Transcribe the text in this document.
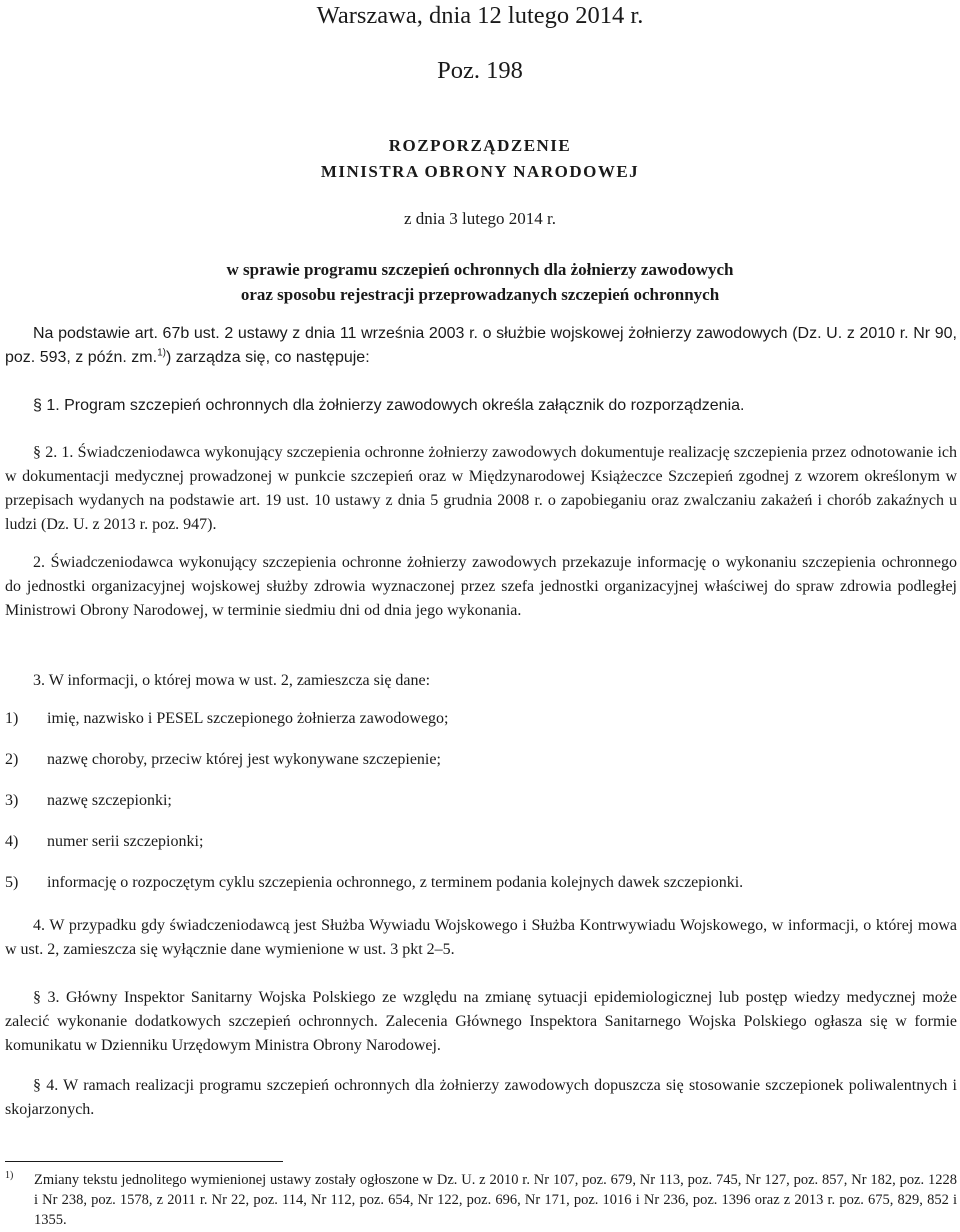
Warszawa, dnia 12 lutego 2014 r.
Poz. 198
ROZPORZĄDZENIE
MINISTRA OBRONY NARODOWEJ
z dnia 3 lutego 2014 r.
w sprawie programu szczepień ochronnych dla żołnierzy zawodowych
oraz sposobu rejestracji przeprowadzanych szczepień ochronnych
Na podstawie art. 67b ust. 2 ustawy z dnia 11 września 2003 r. o służbie wojskowej żołnierzy zawodowych (Dz. U. z 2010 r. Nr 90, poz. 593, z późn. zm.$^{1)}$) zarządza się, co następuje:
§ 1. Program szczepień ochronnych dla żołnierzy zawodowych określa załącznik do rozporządzenia.
§ 2. 1. Świadczeniodawca wykonujący szczepienia ochronne żołnierzy zawodowych dokumentuje realizację szczepienia przez odnotowanie ich w dokumentacji medycznej prowadzonej w punkcie szczepień oraz w Międzynarodowej Książeczce Szczepień zgodnej z wzorem określonym w przepisach wydanych na podstawie art. 19 ust. 10 ustawy z dnia 5 grudnia 2008 r. o zapobieganiu oraz zwalczaniu zakażeń i chorób zakaźnych u ludzi (Dz. U. z 2013 r. poz. 947).
2. Świadczeniodawca wykonujący szczepienia ochronne żołnierzy zawodowych przekazuje informację o wykonaniu szczepienia ochronnego do jednostki organizacyjnej wojskowej służby zdrowia wyznaczonej przez szefa jednostki organizacyjnej właściwej do spraw zdrowia podległej Ministrowi Obrony Narodowej, w terminie siedmiu dni od dnia jego wykonania.
3. W informacji, o której mowa w ust. 2, zamieszcza się dane:
1) imię, nazwisko i PESEL szczepionego żołnierza zawodowego;
2) nazwę choroby, przeciw której jest wykonywane szczepienie;
3) nazwę szczepionki;
4) numer serii szczepionki;
5) informację o rozpoczętym cyklu szczepienia ochronnego, z terminem podania kolejnych dawek szczepionki.
4. W przypadku gdy świadczeniodawcą jest Służba Wywiadu Wojskowego i Służba Kontrwywiadu Wojskowego, w informacji, o której mowa w ust. 2, zamieszcza się wyłącznie dane wymienione w ust. 3 pkt 2–5.
§ 3. Główny Inspektor Sanitarny Wojska Polskiego ze względu na zmianę sytuacji epidemiologicznej lub postęp wiedzy medycznej może zalecić wykonanie dodatkowych szczepień ochronnych. Zalecenia Głównego Inspektora Sanitarnego Wojska Polskiego ogłasza się w formie komunikatu w Dzienniku Urzędowym Ministra Obrony Narodowej.
§ 4. W ramach realizacji programu szczepień ochronnych dla żołnierzy zawodowych dopuszcza się stosowanie szczepionek poliwalentnych i skojarzonych.
1) Zmiany tekstu jednolitego wymienionej ustawy zostały ogłoszone w Dz. U. z 2010 r. Nr 107, poz. 679, Nr 113, poz. 745, Nr 127, poz. 857, Nr 182, poz. 1228 i Nr 238, poz. 1578, z 2011 r. Nr 22, poz. 114, Nr 112, poz. 654, Nr 122, poz. 696, Nr 171, poz. 1016 i Nr 236, poz. 1396 oraz z 2013 r. poz. 675, 829, 852 i 1355.
